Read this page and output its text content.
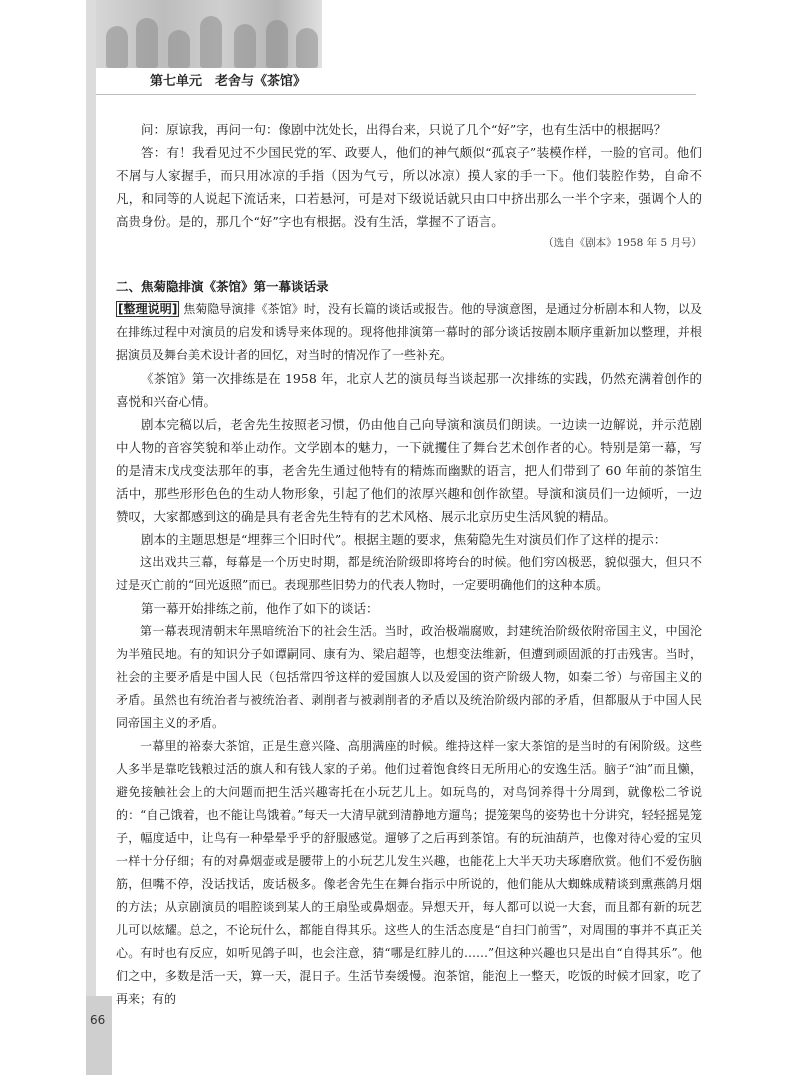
第七单元　老舍与《茶馆》

问：原谅我，再问一句：像剧中沈处长，出得台来，只说了几个“好”字，也有生活中的根据吗？

答：有！我看见过不少国民党的军、政要人，他们的神气颇似“孤哀子”装模作样，一脸的官司。他们不屑与人家握手，而只用冰凉的手指（因为气亏，所以冰凉）摸人家的手一下。他们装腔作势，自命不凡，和同等的人说起下流话来，口若悬河，可是对下级说话就只由口中挤出那么一半个字来，强调个人的高贵身份。是的，那几个“好”字也有根据。没有生活，掌握不了语言。

（选自《剧本》1958 年 5 月号）

二、焦菊隐排演《茶馆》第一幕谈话录

[整理说明] 焦菊隐导演排《茶馆》时，没有长篇的谈话或报告。他的导演意图，是通过分析剧本和人物，以及在排练过程中对演员的启发和诱导来体现的。现将他排演第一幕时的部分谈话按剧本顺序重新加以整理，并根据演员及舞台美术设计者的回忆，对当时的情况作了一些补充。

《茶馆》第一次排练是在 1958 年，北京人艺的演员每当谈起那一次排练的实践，仍然充满着创作的喜悦和兴奋心情。

剧本完稿以后，老舍先生按照老习惯，仍由他自己向导演和演员们朗读。一边读一边解说，并示范剧中人物的音容笑貌和举止动作。文学剧本的魅力，一下就攫住了舞台艺术创作者的心。特别是第一幕，写的是清末戊戌变法那年的事，老舍先生通过他特有的精炼而幽默的语言，把人们带到了 60 年前的茶馆生活中，那些形形色色的生动人物形象，引起了他们的浓厚兴趣和创作欲望。导演和演员们一边倾听，一边赞叹，大家都感到这的确是具有老舍先生特有的艺术风格、展示北京历史生活风貌的精品。

剧本的主题思想是“埋葬三个旧时代”。根据主题的要求，焦菊隐先生对演员们作了这样的提示：

这出戏共三幕，每幕是一个历史时期，都是统治阶级即将垮台的时候。他们穷凶极恶，貌似强大，但只不过是灭亡前的“回光返照”而已。表现那些旧势力的代表人物时，一定要明确他们的这种本质。

第一幕开始排练之前，他作了如下的谈话：

第一幕表现清朝末年黑暗统治下的社会生活。当时，政治极端腐败，封建统治阶级依附帝国主义，中国沦为半殖民地。有的知识分子如谭嗣同、康有为、梁启超等，也想变法维新，但遭到顽固派的打击残害。当时，社会的主要矛盾是中国人民（包括常四爷这样的爱国旗人以及爱国的资产阶级人物，如秦二爷）与帝国主义的矛盾。虽然也有统治者与被统治者、剥削者与被剥削者的矛盾以及统治阶级内部的矛盾，但都服从于中国人民同帝国主义的矛盾。

一幕里的裕泰大茶馆，正是生意兴隆、高朋满座的时候。维持这样一家大茶馆的是当时的有闲阶级。这些人多半是靠吃钱粮过活的旗人和有钱人家的子弟。他们过着饱食终日无所用心的安逸生活。脑子“油”而且懒，避免接触社会上的大问题而把生活兴趣寄托在小玩艺儿上。如玩鸟的，对鸟饲养得十分周到，就像松二爷说的：“自己饿着，也不能让鸟饿着。”每天一大清早就到清静地方遛鸟；提笼架鸟的姿势也十分讲究，轻轻摇晃笼子，幅度适中，让鸟有一种晕晕乎乎的舒服感觉。遛够了之后再到茶馆。有的玩油葫芦，也像对待心爱的宝贝一样十分仔细；有的对鼻烟壶或是腰带上的小玩艺儿发生兴趣，也能花上大半天功夫琢磨欣赏。他们不爱伤脑筋，但嘴不停，没话找话，废话极多。像老舍先生在舞台指示中所说的，他们能从大蜘蛛成精谈到熏燕鸽月烟的方法；从京剧演员的唱腔谈到某人的王扇坠或鼻烟壶。异想天开，每人都可以说一大套，而且都有新的玩艺儿可以炫耀。总之，不论玩什么，都能自得其乐。这些人的生活态度是“自扫门前雪”，对周围的事并不真正关心。有时也有反应，如听见鸽子叫，也会注意，猜“哪是红脖儿的……”但这种兴趣也只是出自“自得其乐”。他们之中，多数是活一天，算一天，混日子。生活节奏缓慢。泡茶馆，能泡上一整天，吃饭的时候才回家，吃了再来；有的

66
